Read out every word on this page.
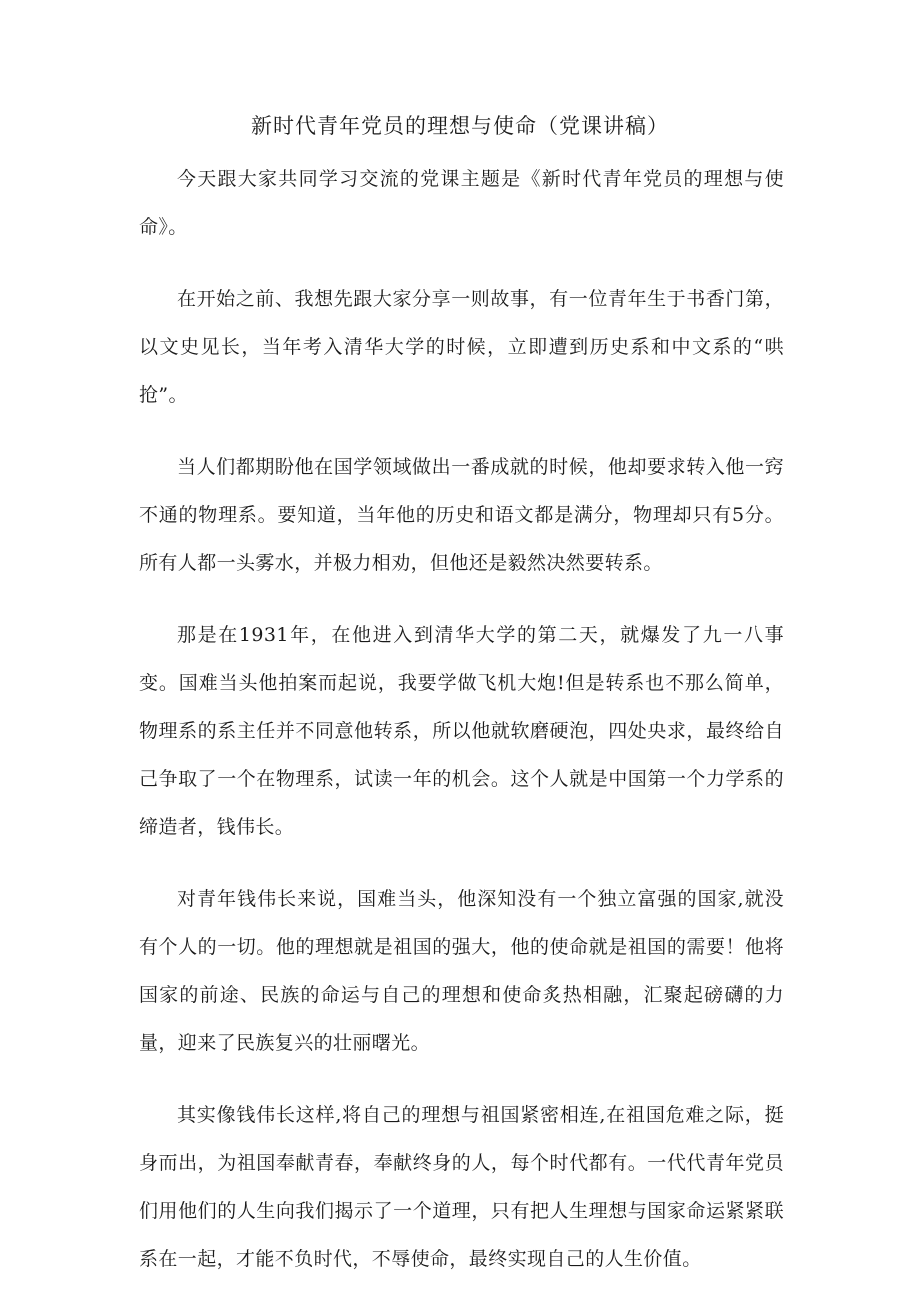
新时代青年党员的理想与使命（党课讲稿）

今天跟大家共同学习交流的党课主题是《新时代青年党员的理想与使命》。

在开始之前、我想先跟大家分享一则故事，有一位青年生于书香门第，以文史见长，当年考入清华大学的时候，立即遭到历史系和中文系的“哄抢”。

当人们都期盼他在国学领域做出一番成就的时候，他却要求转入他一窍不通的物理系。要知道，当年他的历史和语文都是满分，物理却只有5分。所有人都一头雾水，并极力相劝，但他还是毅然决然要转系。

那是在1931年，在他进入到清华大学的第二天，就爆发了九一八事变。国难当头他拍案而起说，我要学做飞机大炮!但是转系也不那么简单，物理系的系主任并不同意他转系，所以他就软磨硬泡，四处央求，最终给自己争取了一个在物理系，试读一年的机会。这个人就是中国第一个力学系的缔造者，钱伟长。

对青年钱伟长来说，国难当头，他深知没有一个独立富强的国家,就没有个人的一切。他的理想就是祖国的强大，他的使命就是祖国的需要！他将国家的前途、民族的命运与自己的理想和使命炙热相融，汇聚起磅礴的力量，迎来了民族复兴的壮丽曙光。

其实像钱伟长这样,将自己的理想与祖国紧密相连,在祖国危难之际，挺身而出，为祖国奉献青春，奉献终身的人，每个时代都有。一代代青年党员们用他们的人生向我们揭示了一个道理，只有把人生理想与国家命运紧紧联系在一起，才能不负时代，不辱使命，最终实现自己的人生价值。
